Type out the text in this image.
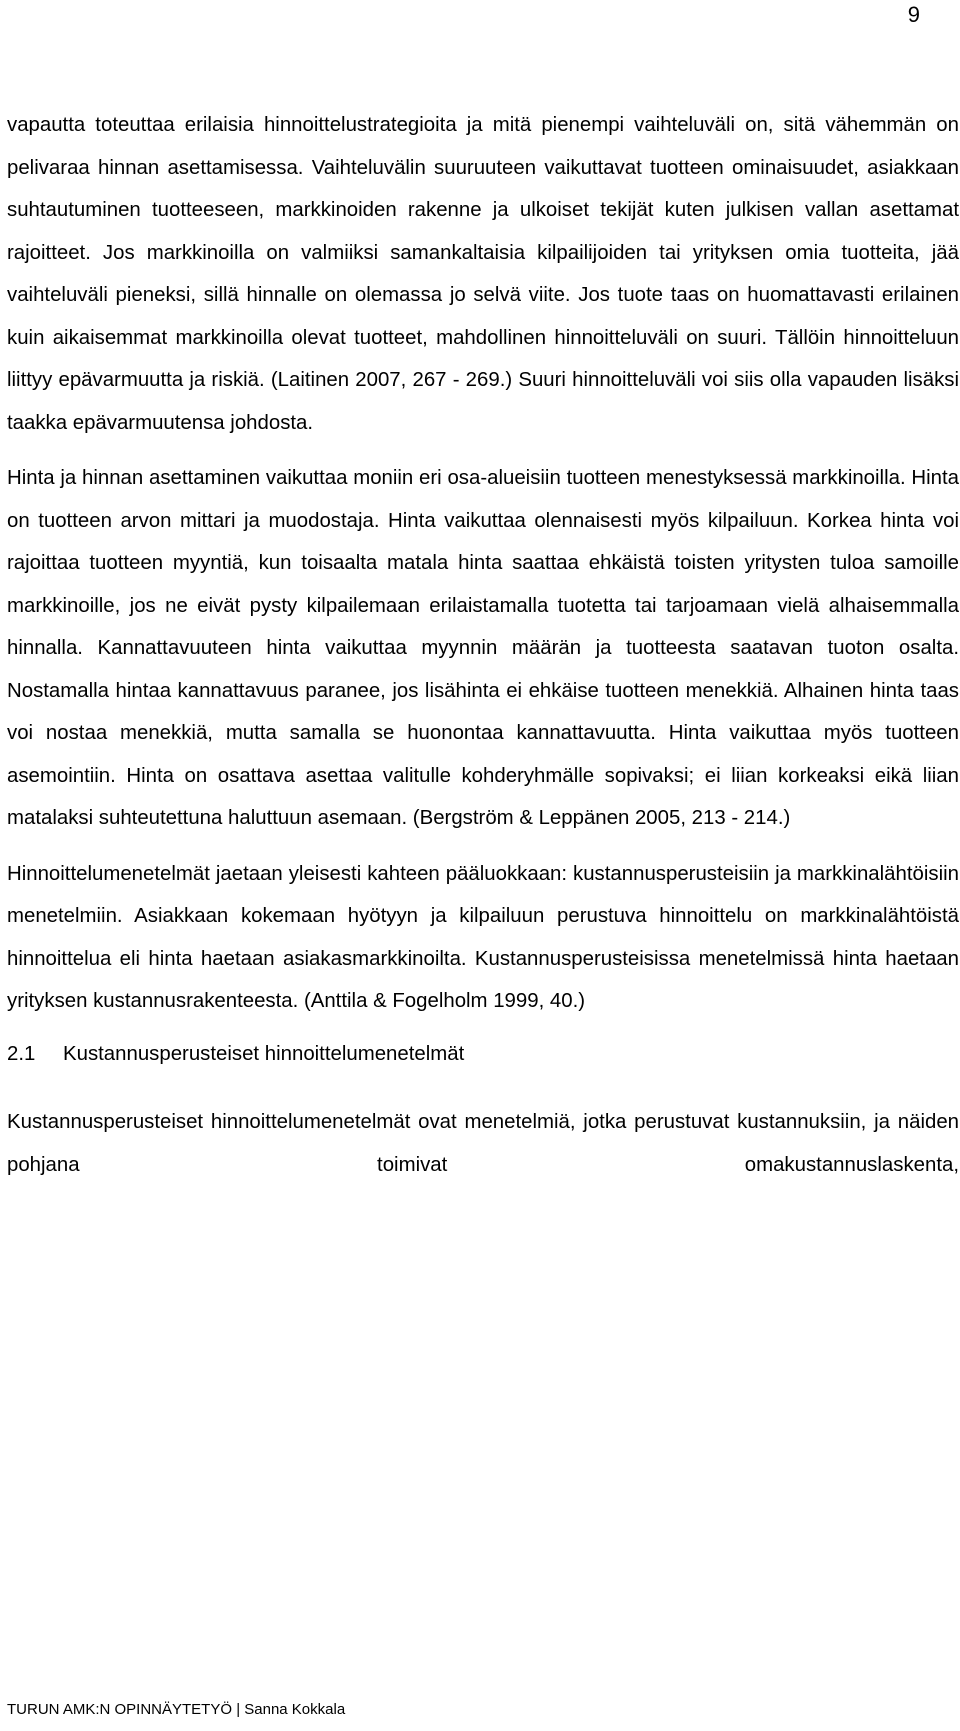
9

vapautta toteuttaa erilaisia hinnoittelustrategioita ja mitä pienempi vaihteluväli on, sitä vähemmän on pelivaraa hinnan asettamisessa. Vaihteluvälin suuruuteen vaikuttavat tuotteen ominaisuudet, asiakkaan suhtautuminen tuotteeseen, markkinoiden rakenne ja ulkoiset tekijät kuten julkisen vallan asettamat rajoitteet. Jos markkinoilla on valmiiksi samankaltaisia kilpailijoiden tai yrityksen omia tuotteita, jää vaihteluväli pieneksi, sillä hinnalle on olemassa jo selvä viite. Jos tuote taas on huomattavasti erilainen kuin aikaisemmat markkinoilla olevat tuotteet, mahdollinen hinnoitteluväli on suuri. Tällöin hinnoitteluun liittyy epävarmuutta ja riskiä. (Laitinen 2007, 267 - 269.) Suuri hinnoitteluväli voi siis olla vapauden lisäksi taakka epävarmuutensa johdosta.

Hinta ja hinnan asettaminen vaikuttaa moniin eri osa-alueisiin tuotteen menestyksessä markkinoilla. Hinta on tuotteen arvon mittari ja muodostaja. Hinta vaikuttaa olennaisesti myös kilpailuun. Korkea hinta voi rajoittaa tuotteen myyntiä, kun toisaalta matala hinta saattaa ehkäistä toisten yritysten tuloa samoille markkinoille, jos ne eivät pysty kilpailemaan erilaistamalla tuotetta tai tarjoamaan vielä alhaisemmalla hinnalla. Kannattavuuteen hinta vaikuttaa myynnin määrän ja tuotteesta saatavan tuoton osalta. Nostamalla hintaa kannattavuus paranee, jos lisähinta ei ehkäise tuotteen menekkiä. Alhainen hinta taas voi nostaa menekkiä, mutta samalla se huonontaa kannattavuutta. Hinta vaikuttaa myös tuotteen asemointiin. Hinta on osattava asettaa valitulle kohderyhmälle sopivaksi; ei liian korkeaksi eikä liian matalaksi suhteutettuna haluttuun asemaan. (Bergström & Leppänen 2005, 213 - 214.)

Hinnoittelumenetelmät jaetaan yleisesti kahteen pääluokkaan: kustannusperusteisiin ja markkinalähtöisiin menetelmiin. Asiakkaan kokemaan hyötyyn ja kilpailuun perustuva hinnoittelu on markkinalähtöistä hinnoittelua eli hinta haetaan asiakasmarkkinoilta. Kustannusperusteisissa menetelmissä hinta haetaan yrityksen kustannusrakenteesta. (Anttila & Fogelholm 1999, 40.)

2.1 Kustannusperusteiset hinnoittelumenetelmät

Kustannusperusteiset hinnoittelumenetelmät ovat menetelmiä, jotka perustuvat kustannuksiin, ja näiden pohjana toimivat omakustannuslaskenta,

TURUN AMK:N OPINNÄYTETYÖ | Sanna Kokkala
